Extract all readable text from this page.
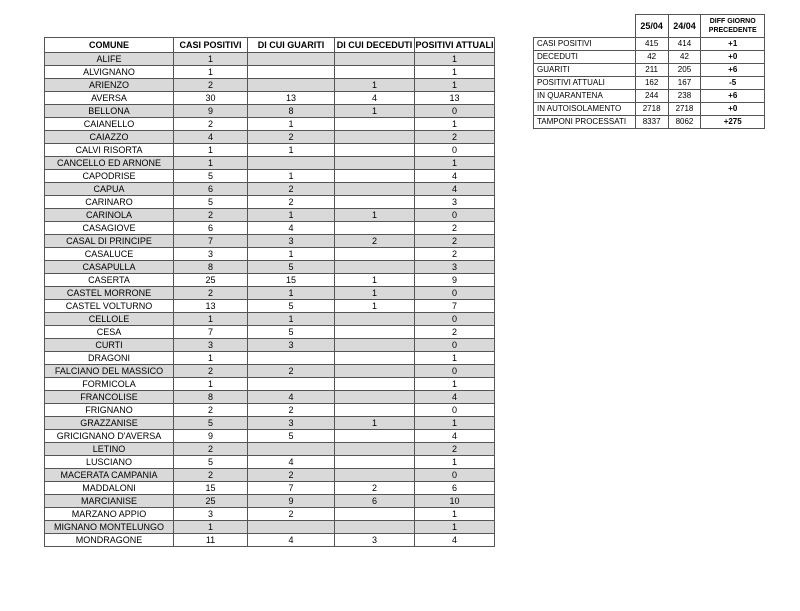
COMUNE	CASI POSITIVI	DI CUI GUARITI	DI CUI DECEDUTI	POSITIVI ATTUALI
ALIFE	1			1
ALVIGNANO	1			1
ARIENZO	2		1	1
AVERSA	30	13	4	13
BELLONA	9	8	1	0
CAIANELLO	2	1		1
CAIAZZO	4	2		2
CALVI RISORTA	1	1		0
CANCELLO ED ARNONE	1			1
CAPODRISE	5	1		4
CAPUA	6	2		4
CARINARO	5	2		3
CARINOLA	2	1	1	0
CASAGIOVE	6	4		2
CASAL DI PRINCIPE	7	3	2	2
CASALUCE	3	1		2
CASAPULLA	8	5		3
CASERTA	25	15	1	9
CASTEL MORRONE	2	1	1	0
CASTEL VOLTURNO	13	5	1	7
CELLOLE	1	1		0
CESA	7	5		2
CURTI	3	3		0
DRAGONI	1			1
FALCIANO DEL MASSICO	2	2		0
FORMICOLA	1			1
FRANCOLISE	8	4		4
FRIGNANO	2	2		0
GRAZZANISE	5	3	1	1
GRICIGNANO D'AVERSA	9	5		4
LETINO	2			2
LUSCIANO	5	4		1
MACERATA CAMPANIA	2	2		0
MADDALONI	15	7	2	6
MARCIANISE	25	9	6	10
MARZANO APPIO	3	2		1
MIGNANO MONTELUNGO	1			1
MONDRAGONE	11	4	3	4
	25/04	24/04	DIFF GIORNO PRECEDENTE
CASI POSITIVI	415	414	+1
DECEDUTI	42	42	+0
GUARITI	211	205	+6
POSITIVI ATTUALI	162	167	-5
IN QUARANTENA	244	238	+6
IN AUTOISOLAMENTO	2718	2718	+0
TAMPONI PROCESSATI	8337	8062	+275
